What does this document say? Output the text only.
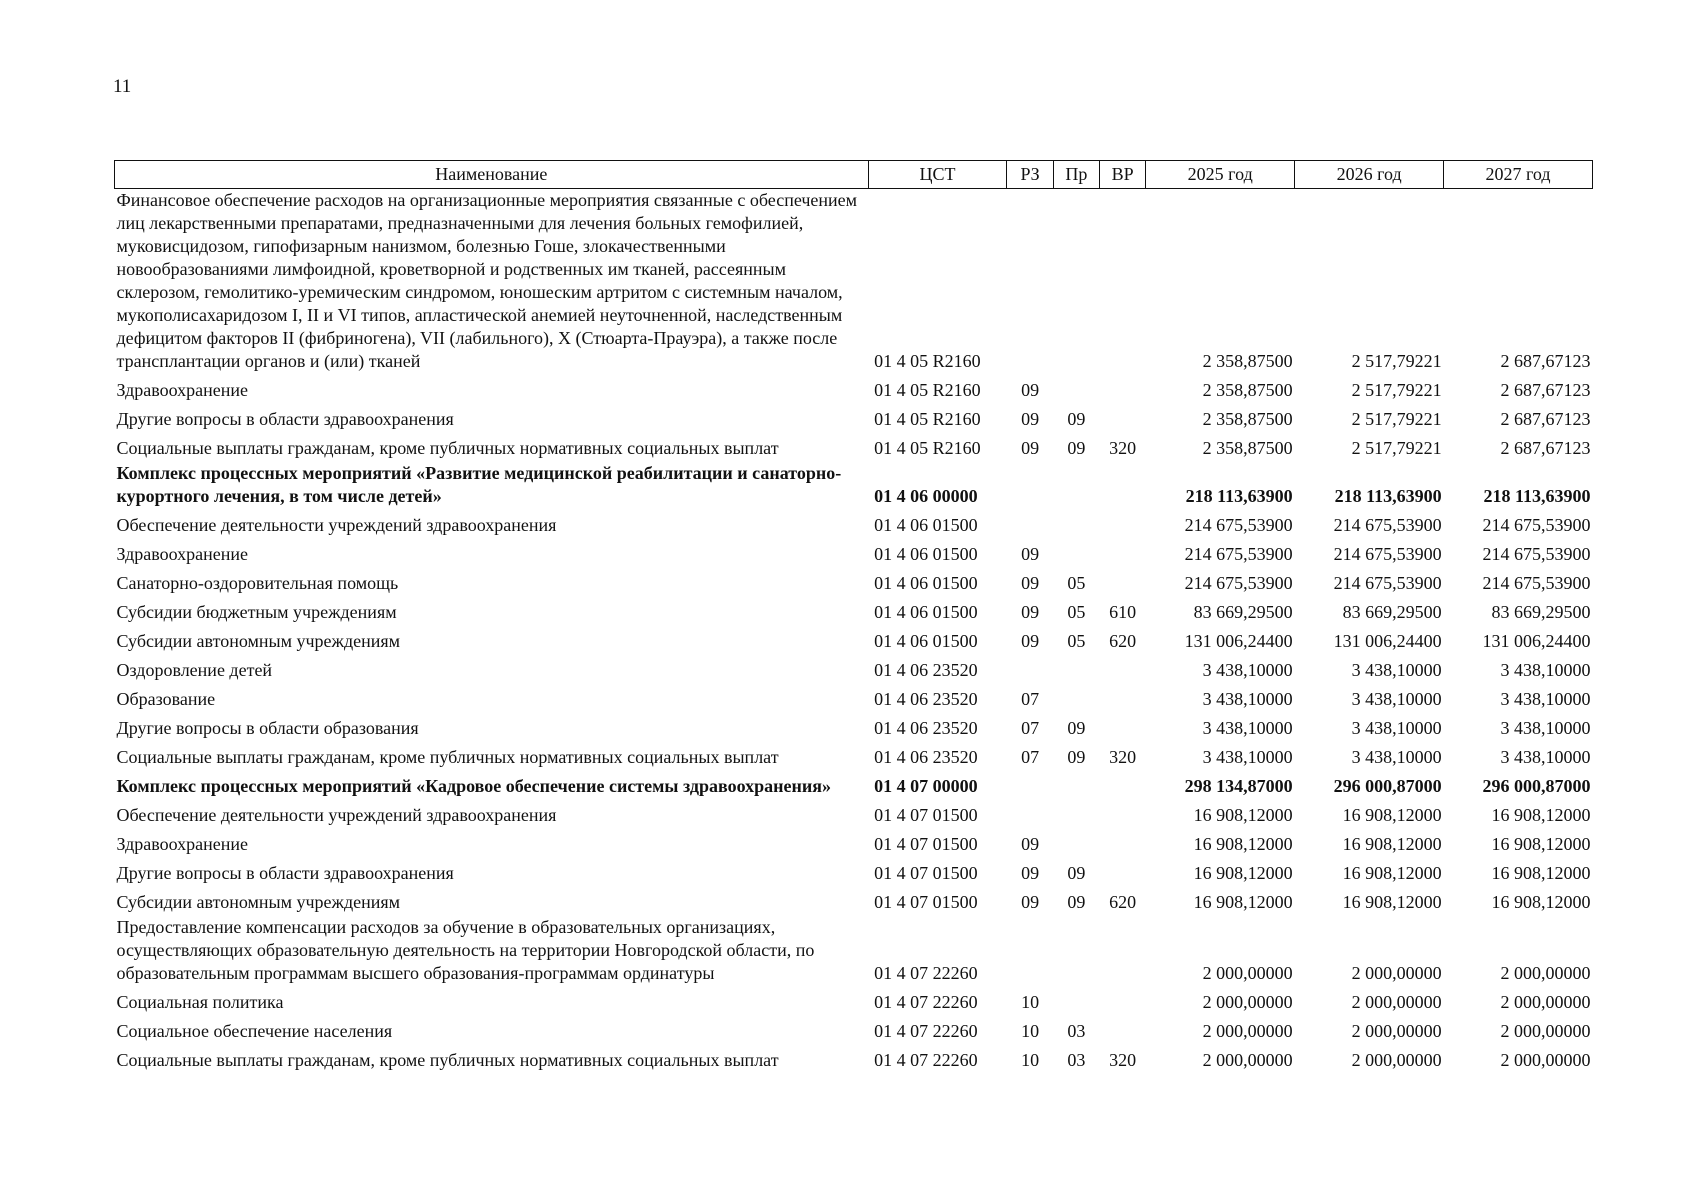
11
Наименование	ЦСТ	РЗ	Пр	ВР	2025 год	2026 год	2027 год
Финансовое обеспечение расходов на организационные мероприятия связанные с обеспечением лиц лекарственными препаратами, предназначенными для лечения больных гемофилией, муковисцидозом, гипофизарным нанизмом, болезнью Гоше, злокачественными новообразованиями лимфоидной, кроветворной и родственных им тканей, рассеянным склерозом, гемолитико-уремическим синдромом, юношеским артритом с системным началом, мукополисахаридозом I, II и VI типов, апластической анемией неуточненной, наследственным дефицитом факторов II (фибриногена), VII (лабильного), X (Стюарта-Прауэра), а также после трансплантации органов и (или) тканей	01 4 05 R2160				2 358,87500	2 517,79221	2 687,67123
Здравоохранение	01 4 05 R2160	09			2 358,87500	2 517,79221	2 687,67123
Другие вопросы в области здравоохранения	01 4 05 R2160	09	09		2 358,87500	2 517,79221	2 687,67123
Социальные выплаты гражданам, кроме публичных нормативных социальных выплат	01 4 05 R2160	09	09	320	2 358,87500	2 517,79221	2 687,67123
Комплекс процессных мероприятий «Развитие медицинской реабилитации и санаторно-курортного лечения, в том числе детей»	01 4 06 00000				218 113,63900	218 113,63900	218 113,63900
Обеспечение деятельности учреждений здравоохранения	01 4 06 01500				214 675,53900	214 675,53900	214 675,53900
Здравоохранение	01 4 06 01500	09			214 675,53900	214 675,53900	214 675,53900
Санаторно-оздоровительная помощь	01 4 06 01500	09	05		214 675,53900	214 675,53900	214 675,53900
Субсидии бюджетным учреждениям	01 4 06 01500	09	05	610	83 669,29500	83 669,29500	83 669,29500
Субсидии автономным учреждениям	01 4 06 01500	09	05	620	131 006,24400	131 006,24400	131 006,24400
Оздоровление детей	01 4 06 23520				3 438,10000	3 438,10000	3 438,10000
Образование	01 4 06 23520	07			3 438,10000	3 438,10000	3 438,10000
Другие вопросы в области образования	01 4 06 23520	07	09		3 438,10000	3 438,10000	3 438,10000
Социальные выплаты гражданам, кроме публичных нормативных социальных выплат	01 4 06 23520	07	09	320	3 438,10000	3 438,10000	3 438,10000
Комплекс процессных мероприятий «Кадровое обеспечение системы здравоохранения»	01 4 07 00000				298 134,87000	296 000,87000	296 000,87000
Обеспечение деятельности учреждений здравоохранения	01 4 07 01500				16 908,12000	16 908,12000	16 908,12000
Здравоохранение	01 4 07 01500	09			16 908,12000	16 908,12000	16 908,12000
Другие вопросы в области здравоохранения	01 4 07 01500	09	09		16 908,12000	16 908,12000	16 908,12000
Субсидии автономным учреждениям	01 4 07 01500	09	09	620	16 908,12000	16 908,12000	16 908,12000
Предоставление компенсации расходов за обучение в образовательных организациях, осуществляющих образовательную деятельность на территории Новгородской области, по образовательным программам высшего образования-программам ординатуры	01 4 07 22260				2 000,00000	2 000,00000	2 000,00000
Социальная политика	01 4 07 22260	10			2 000,00000	2 000,00000	2 000,00000
Социальное обеспечение населения	01 4 07 22260	10	03		2 000,00000	2 000,00000	2 000,00000
Социальные выплаты гражданам, кроме публичных нормативных социальных выплат	01 4 07 22260	10	03	320	2 000,00000	2 000,00000	2 000,00000
